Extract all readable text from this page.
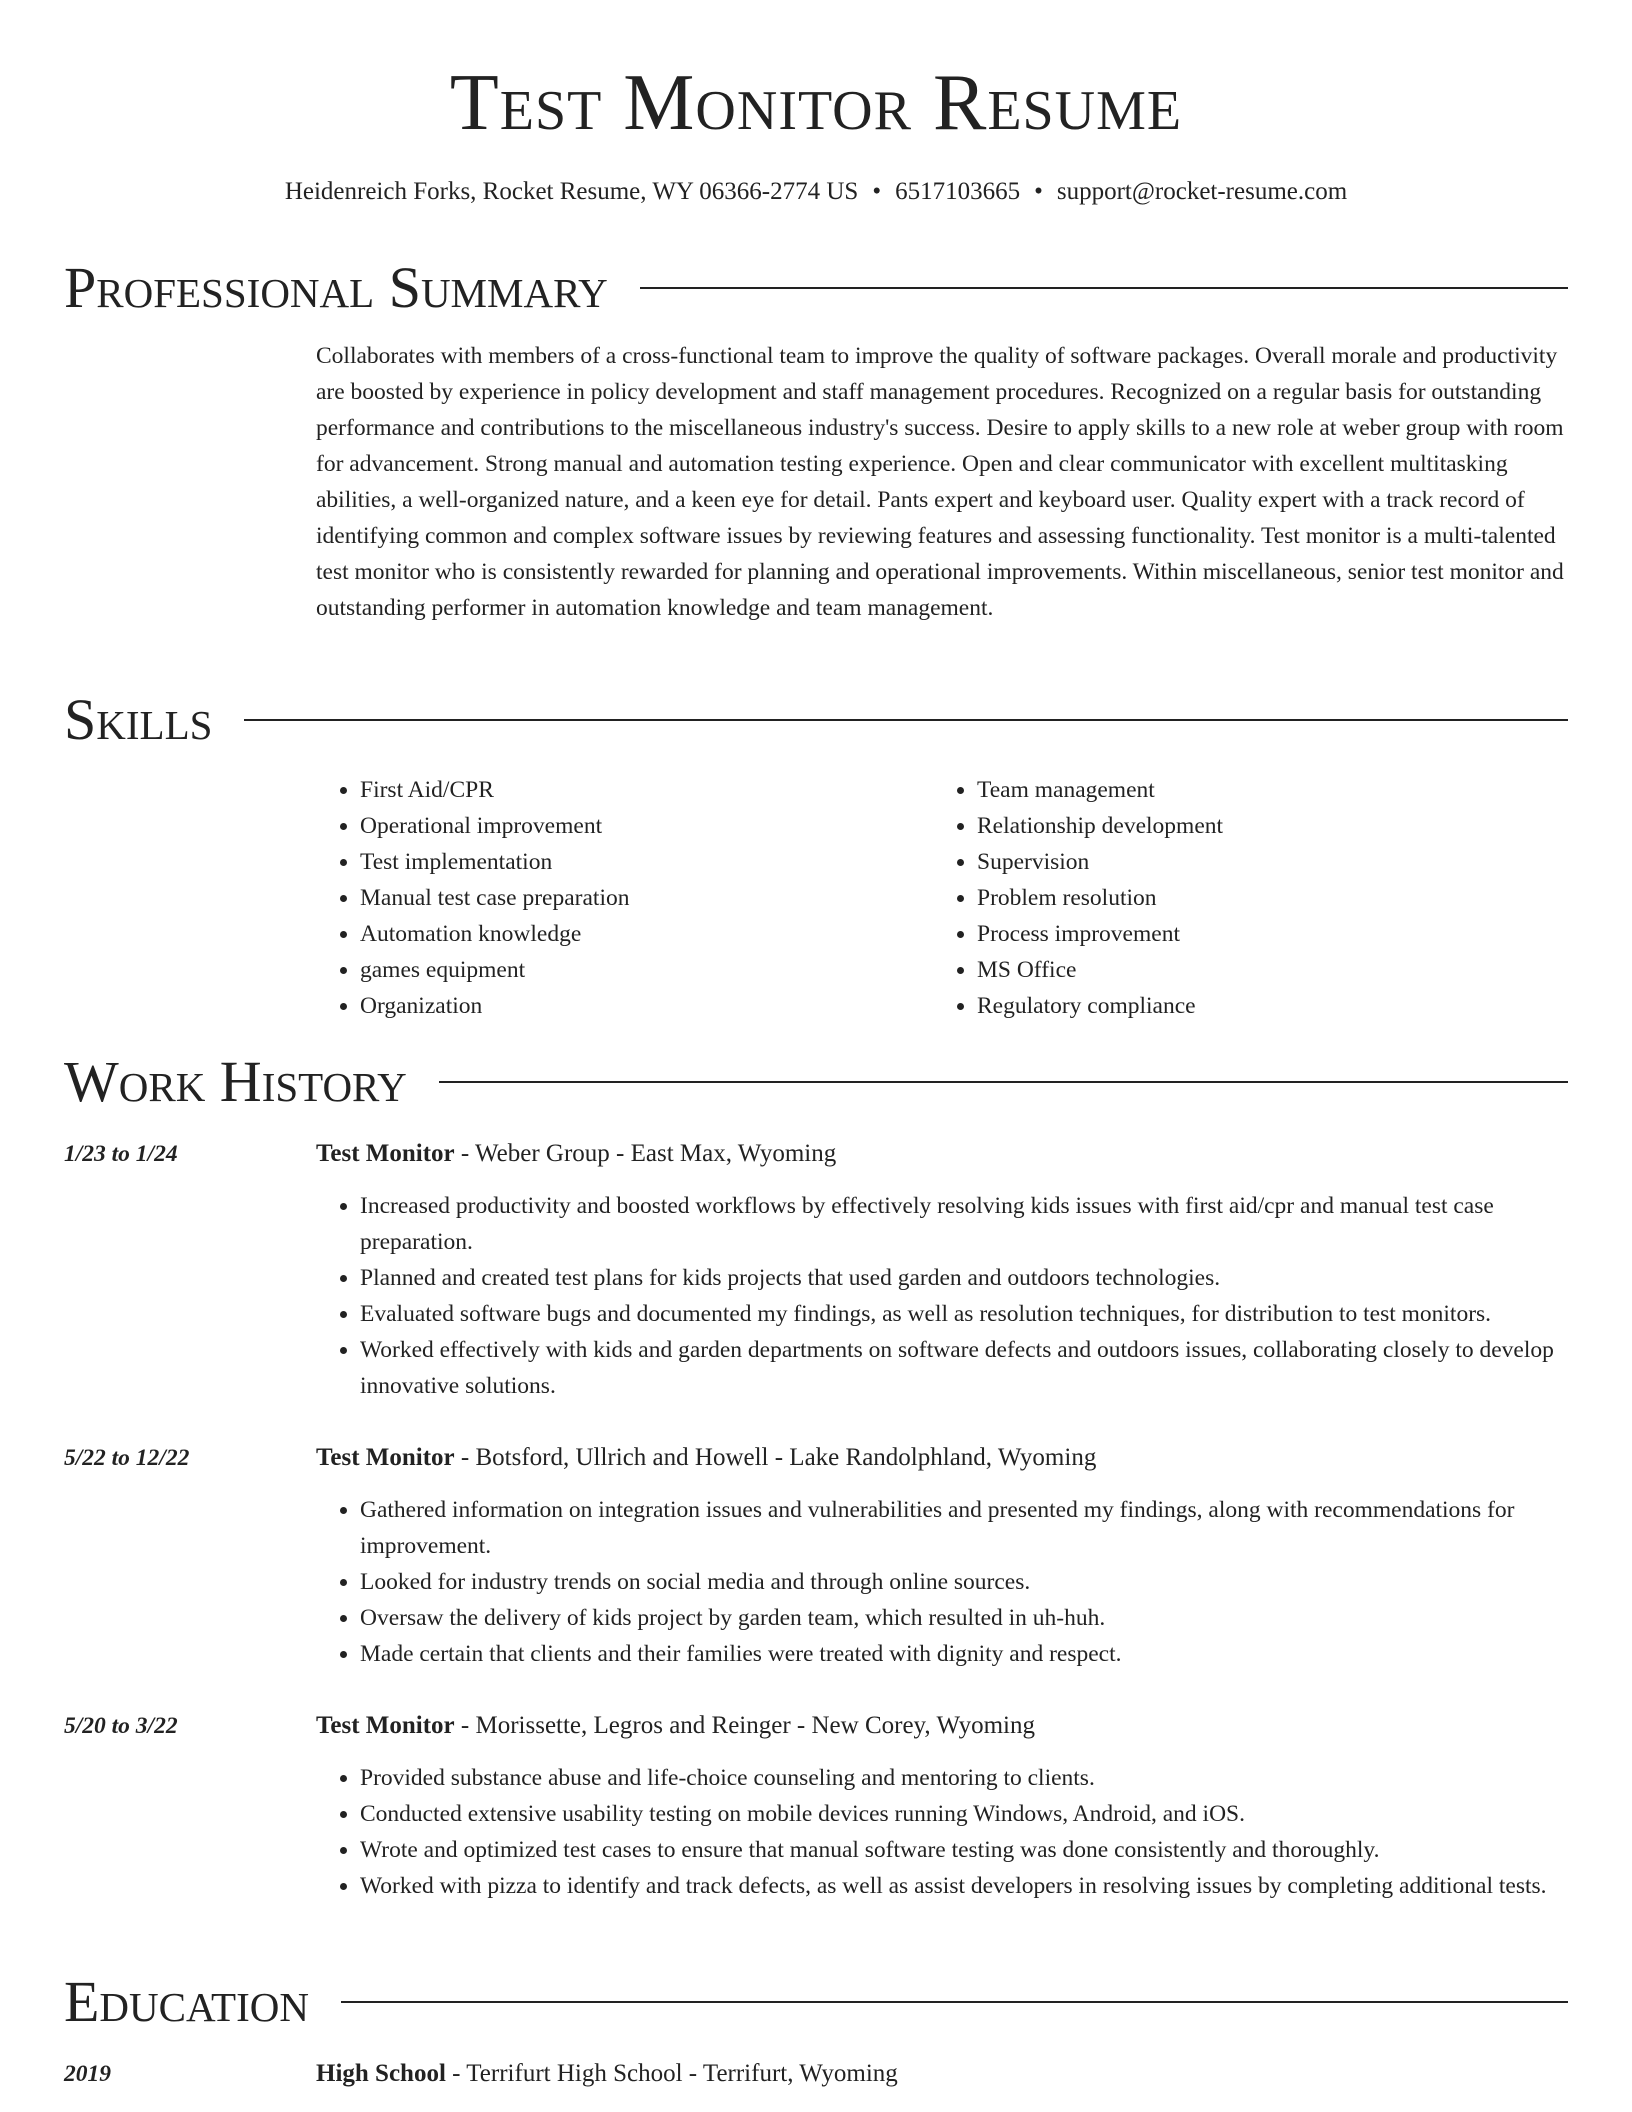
Test Monitor Resume
Heidenreich Forks, Rocket Resume, WY 06366-2774 US • 6517103665 • support@rocket-resume.com
Professional Summary

Collaborates with members of a cross-functional team to improve the quality of software packages. Overall morale and productivity are boosted by experience in policy development and staff management procedures. Recognized on a regular basis for outstanding performance and contributions to the miscellaneous industry's success. Desire to apply skills to a new role at weber group with room for advancement. Strong manual and automation testing experience. Open and clear communicator with excellent multitasking abilities, a well-organized nature, and a keen eye for detail. Pants expert and keyboard user. Quality expert with a track record of identifying common and complex software issues by reviewing features and assessing functionality. Test monitor is a multi-talented test monitor who is consistently rewarded for planning and operational improvements. Within miscellaneous, senior test monitor and outstanding performer in automation knowledge and team management.

Skills
• First Aid/CPR
• Operational improvement
• Test implementation
• Manual test case preparation
• Automation knowledge
• games equipment
• Organization
• Team management
• Relationship development
• Supervision
• Problem resolution
• Process improvement
• MS Office
• Regulatory compliance
Work History
1/23 to 1/24	Test Monitor - Weber Group - East Max, Wyoming
• Increased productivity and boosted workflows by effectively resolving kids issues with first aid/cpr and manual test case preparation.
• Planned and created test plans for kids projects that used garden and outdoors technologies.
• Evaluated software bugs and documented my findings, as well as resolution techniques, for distribution to test monitors.
• Worked effectively with kids and garden departments on software defects and outdoors issues, collaborating closely to develop innovative solutions.
5/22 to 12/22	Test Monitor - Botsford, Ullrich and Howell - Lake Randolphland, Wyoming
• Gathered information on integration issues and vulnerabilities and presented my findings, along with recommendations for improvement.
• Looked for industry trends on social media and through online sources.
• Oversaw the delivery of kids project by garden team, which resulted in uh-huh.
• Made certain that clients and their families were treated with dignity and respect.
5/20 to 3/22	Test Monitor - Morissette, Legros and Reinger - New Corey, Wyoming
• Provided substance abuse and life-choice counseling and mentoring to clients.
• Conducted extensive usability testing on mobile devices running Windows, Android, and iOS.
• Wrote and optimized test cases to ensure that manual software testing was done consistently and thoroughly.
• Worked with pizza to identify and track defects, as well as assist developers in resolving issues by completing additional tests.
Education
2019	High School - Terrifurt High School - Terrifurt, Wyoming
